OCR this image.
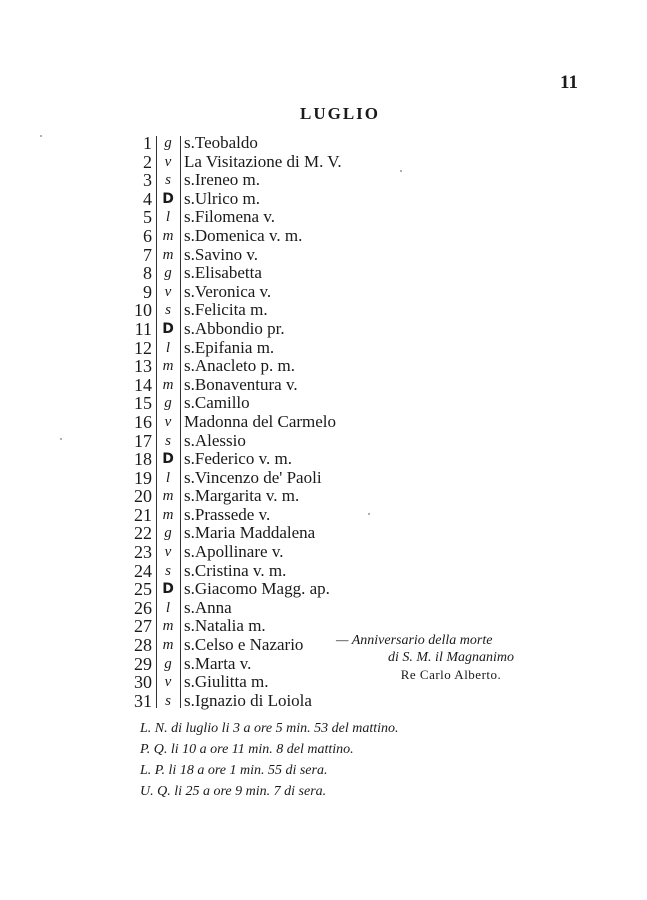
11
LUGLIO
1 g s.Teobaldo
2 v La Visitazione di M. V.
3 s s.Ireneo m.
4 D s.Ulrico m.
5 l s.Filomena v.
6 m s.Domenica v. m.
7 m s.Savino v.
8 g s.Elisabetta
9 v s.Veronica v.
10 s s.Felicita m.
11 D s.Abbondio pr.
12 l s.Epifania m.
13 m s.Anacleto p. m.
14 m s.Bonaventura v.
15 g s.Camillo
16 v Madonna del Carmelo
17 s s.Alessio
18 D s.Federico v. m.
19 l s.Vincenzo de' Paoli
20 m s.Margarita v. m.
21 m s.Prassede v.
22 g s.Maria Maddalena
23 v s.Apollinare v.
24 s s.Cristina v. m.
25 D s.Giacomo Magg. ap.
26 l s.Anna
27 m s.Natalia m.
28 m s.Celso e Nazario
29 g s.Marta v.
30 v s.Giulitta m.
31 s s.Ignazio di Loiola
— Anniversario della morte
di S. M. il Magnanimo
Re Carlo Alberto.
L. N. di luglio li 3 a ore 5 min. 53 del mattino.
P. Q. li 10 a ore 11 min. 8 del mattino.
L. P. li 18 a ore 1 min. 55 di sera.
U. Q. li 25 a ore 9 min. 7 di sera.
